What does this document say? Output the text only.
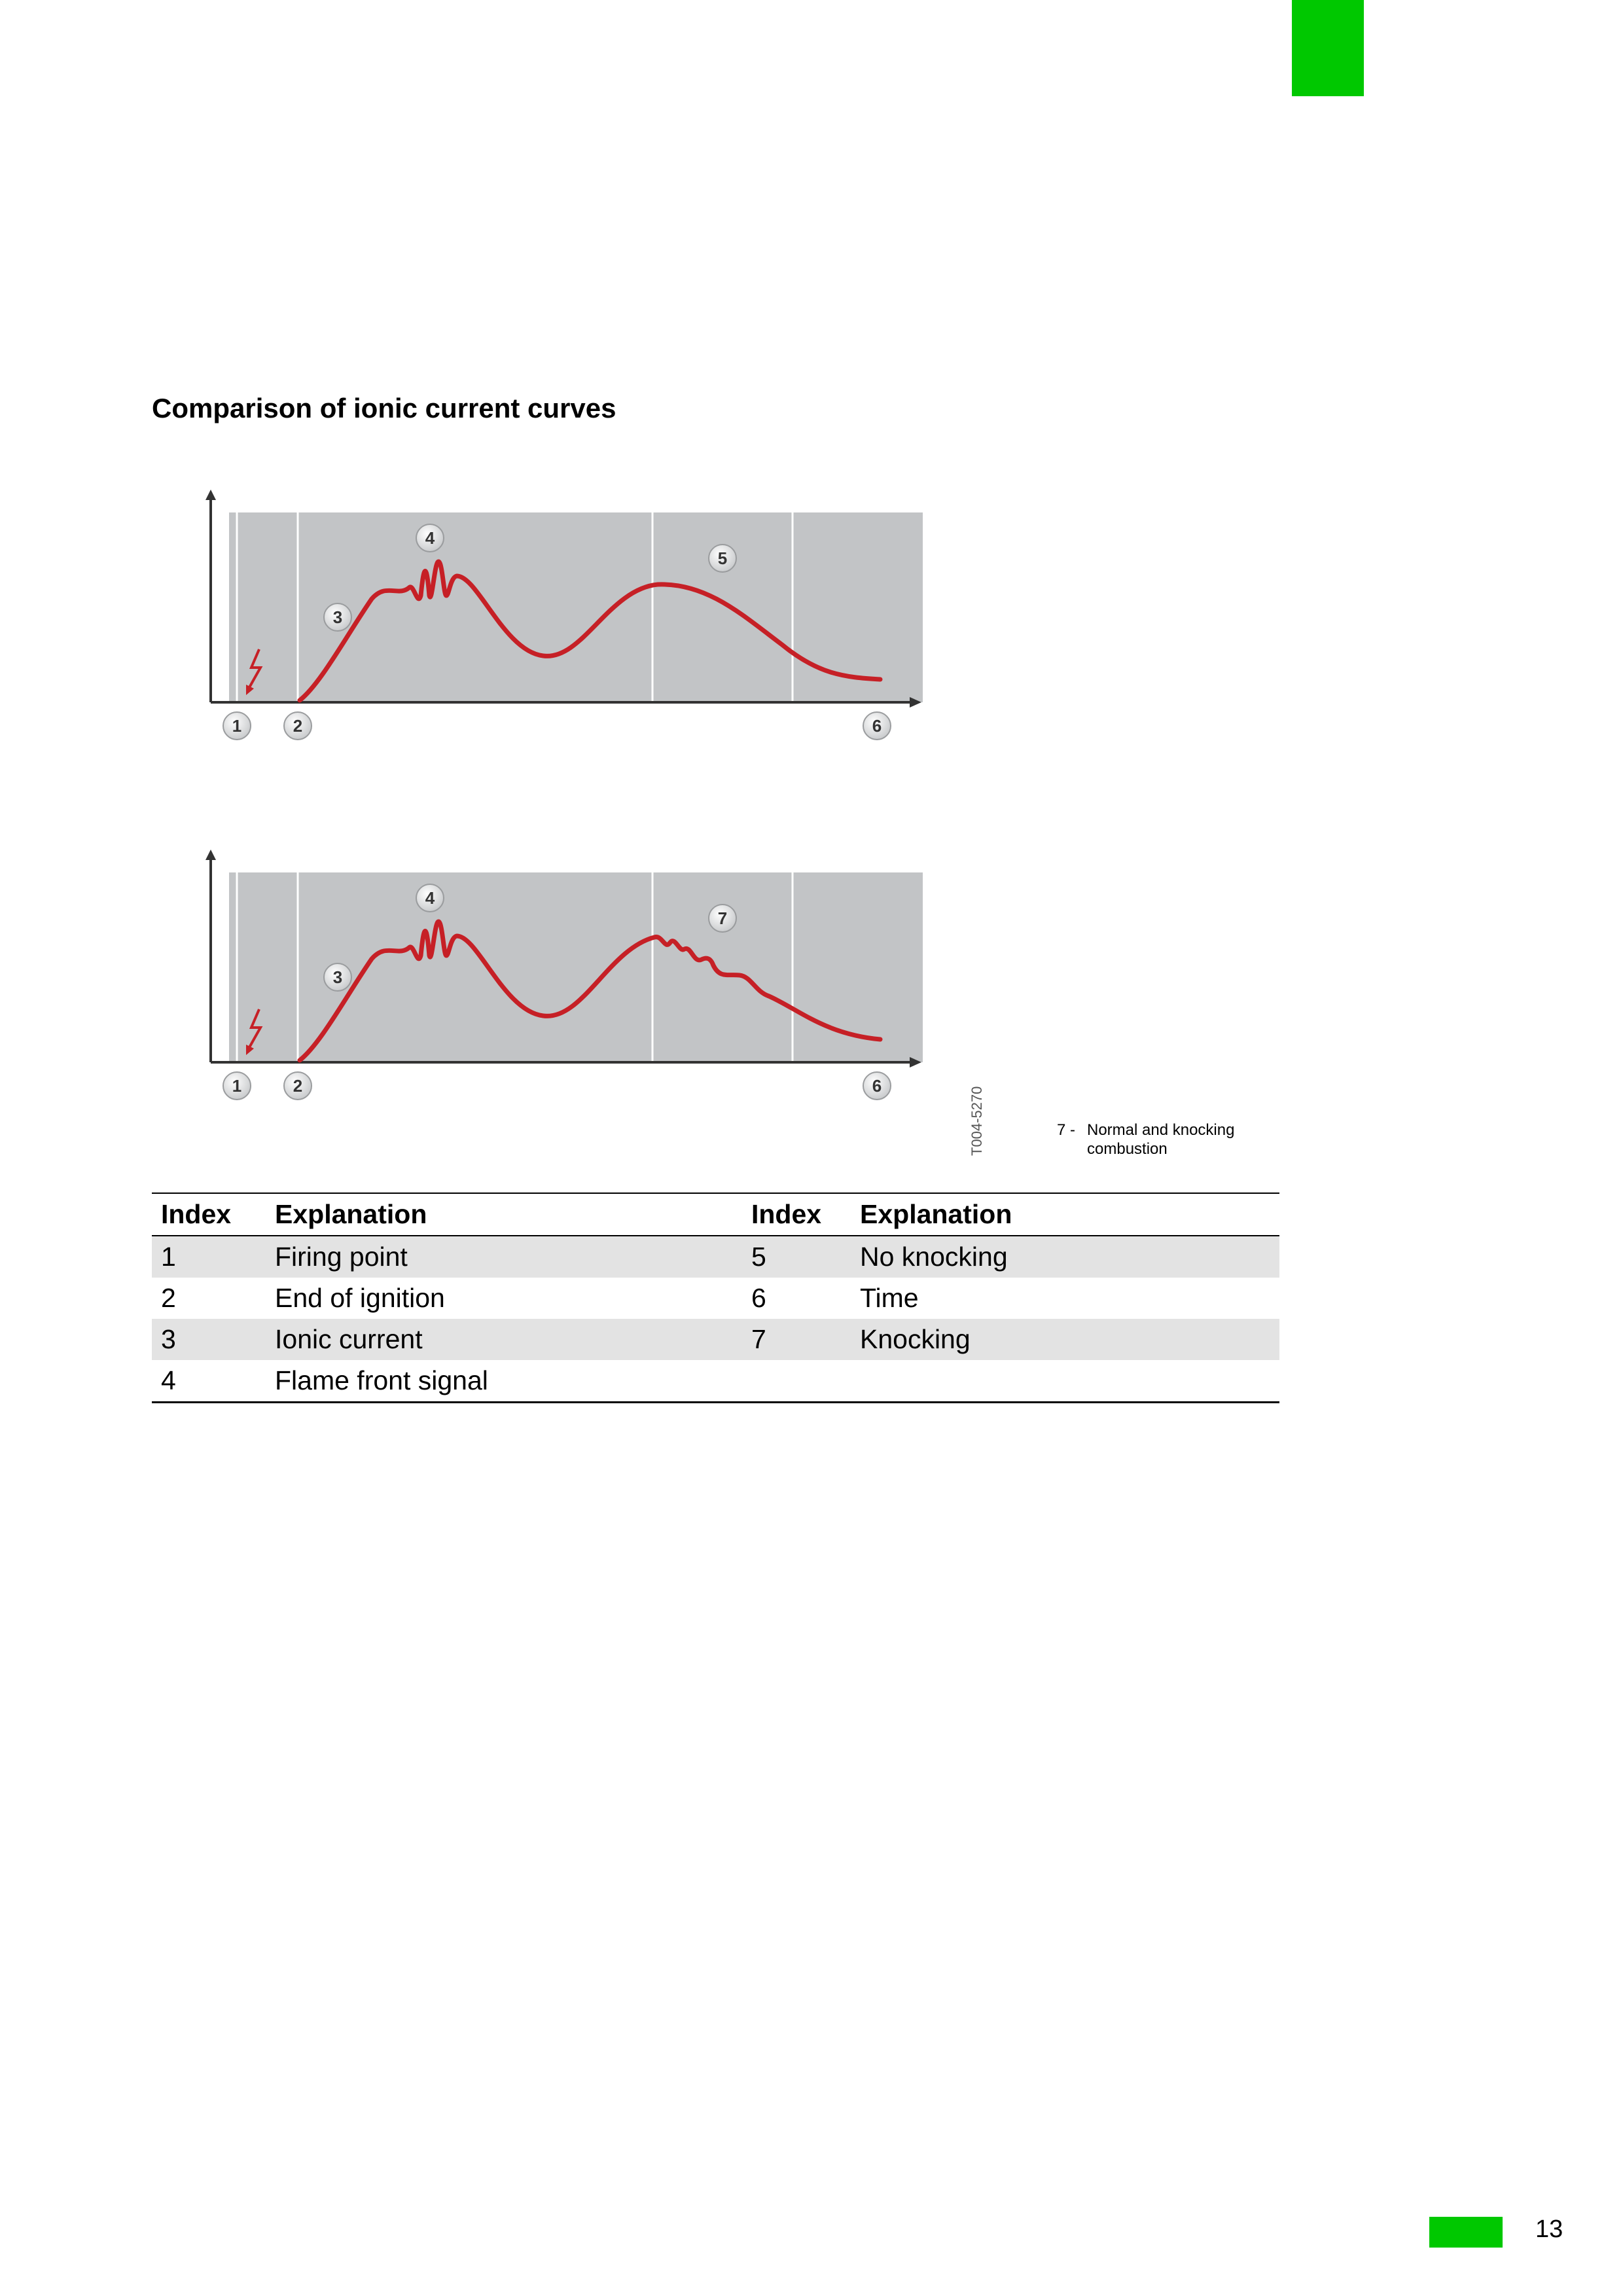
13
Comparison of ionic current curves
1	2
3
4
5
6
1	2
3
4
7
6
T004-5270	7 - Normal and knocking
combustion
Index	Explanation	Index	Explanation
1	Firing point	5	No knocking
2	End of ignition	6	Time
3	Ionic current	7	Knocking
4	Flame front signal		
